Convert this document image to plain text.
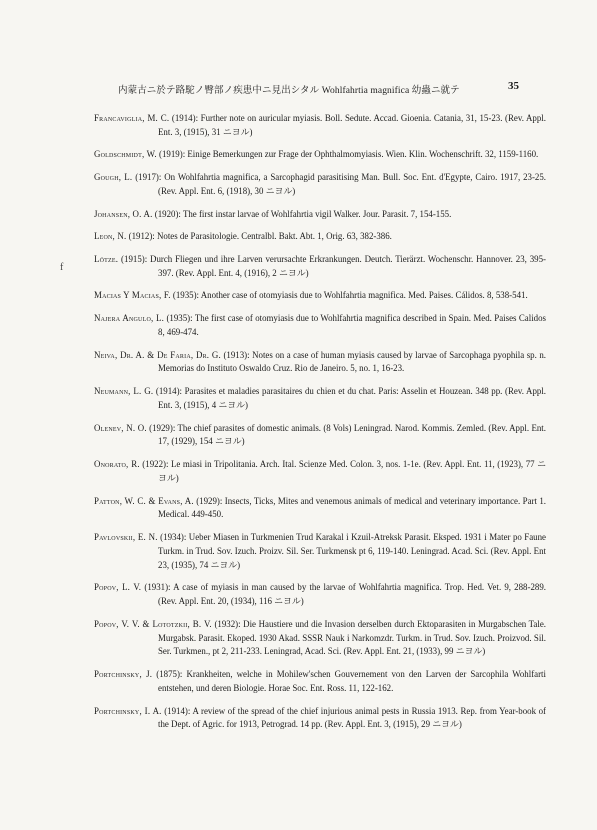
内蒙古ニ於テ路駝ノ臀部ノ疾患中ニ見出シタル Wohlfahrtia magnifica 幼蟲ニ就テ	35
f

Francaviglia, M. C. (1914): Further note on auricular myiasis. Boll. Sedute. Accad. Gioenia. Catania, 31, 15-23. (Rev. Appl. Ent. 3, (1915), 31 ニヨル)

Goldschmidt, W. (1919): Einige Bemerkungen zur Frage der Ophthalmomyiasis. Wien. Klin. Wochenschrift. 32, 1159-1160.

Gough, L. (1917): On Wohlfahrtia magnifica, a Sarcophagid parasitising Man. Bull. Soc. Ent. d'Egypte, Cairo. 1917, 23-25. (Rev. Appl. Ent. 6, (1918), 30 ニヨル)

Johansen, O. A. (1920): The first instar larvae of Wohlfahrtia vigil Walker. Jour. Parasit. 7, 154-155.

Leon, N. (1912): Notes de Parasitologie. Centralbl. Bakt. Abt. 1, Orig. 63, 382-386.

Lötze. (1915): Durch Fliegen und ihre Larven verursachte Erkrankungen. Deutch. Tierärzt. Wochenschr. Hannover. 23, 395-397. (Rev. Appl. Ent. 4, (1916), 2 ニヨル)

Macias Y Macias, F. (1935): Another case of otomyiasis due to Wohlfahrtia magnifica. Med. Paises. Cálidos. 8, 538-541.

Najera Angulo, L. (1935): The first case of otomyiasis due to Wohlfahrtia magnifica described in Spain. Med. Paises Calidos 8, 469-474.

Neiva, Dr. A. & De Faria, Dr. G. (1913): Notes on a case of human myiasis caused by larvae of Sarcophaga pyophila sp. n. Memorias do Instituto Oswaldo Cruz. Rio de Janeiro. 5, no. 1, 16-23.

Neumann, L. G. (1914): Parasites et maladies parasitaires du chien et du chat. Paris: Asselin et Houzean. 348 pp. (Rev. Appl. Ent. 3, (1915), 4 ニヨル)

Olenev, N. O. (1929): The chief parasites of domestic animals. (8 Vols) Leningrad. Narod. Kommis. Zemled. (Rev. Appl. Ent. 17, (1929), 154 ニヨル)

Onorato, R. (1922): Le miasi in Tripolitania. Arch. Ital. Scienze Med. Colon. 3, nos. 1-1e. (Rev. Appl. Ent. 11, (1923), 77 ニヨル)

Patton, W. C. & Evans, A. (1929): Insects, Ticks, Mites and venemous animals of medical and veterinary importance. Part 1. Medical. 449-450.

Pavlovskii, E. N. (1934): Ueber Miasen in Turkmenien Trud Karakal i Kzuil-Atreksk Parasit. Eksped. 1931 i Mater po Faune Turkm. in Trud. Sov. Izuch. Proizv. Sil. Ser. Turkmensk pt 6, 119-140. Leningrad. Acad. Sci. (Rev. Appl. Ent 23, (1935), 74 ニヨル)

Popov, L. V. (1931): A case of myiasis in man caused by the larvae of Wohlfahrtia magnifica. Trop. Hed. Vet. 9, 288-289. (Rev. Appl. Ent. 20, (1934), 116 ニヨル)

Popov, V. V. & Lototzkii, B. V. (1932): Die Haustiere und die Invasion derselben durch Ektoparasiten in Murgabschen Tale. Murgabsk. Parasit. Ekoped. 1930 Akad. SSSR Nauk i Narkomzdr. Turkm. in Trud. Sov. Izuch. Proizvod. Sil. Ser. Turkmen., pt 2, 211-233. Leningrad, Acad. Sci. (Rev. Appl. Ent. 21, (1933), 99 ニヨル)

Portchinsky, J. (1875): Krankheiten, welche in Mohilew'schen Gouvernement von den Larven der Sarcophila Wohlfarti entstehen, und deren Biologie. Horae Soc. Ent. Ross. 11, 122-162.

Portchinsky, I. A. (1914): A review of the spread of the chief injurious animal pests in Russia 1913. Rep. from Year-book of the Dept. of Agric. for 1913, Petrograd. 14 pp. (Rev. Appl. Ent. 3, (1915), 29 ニヨル)
